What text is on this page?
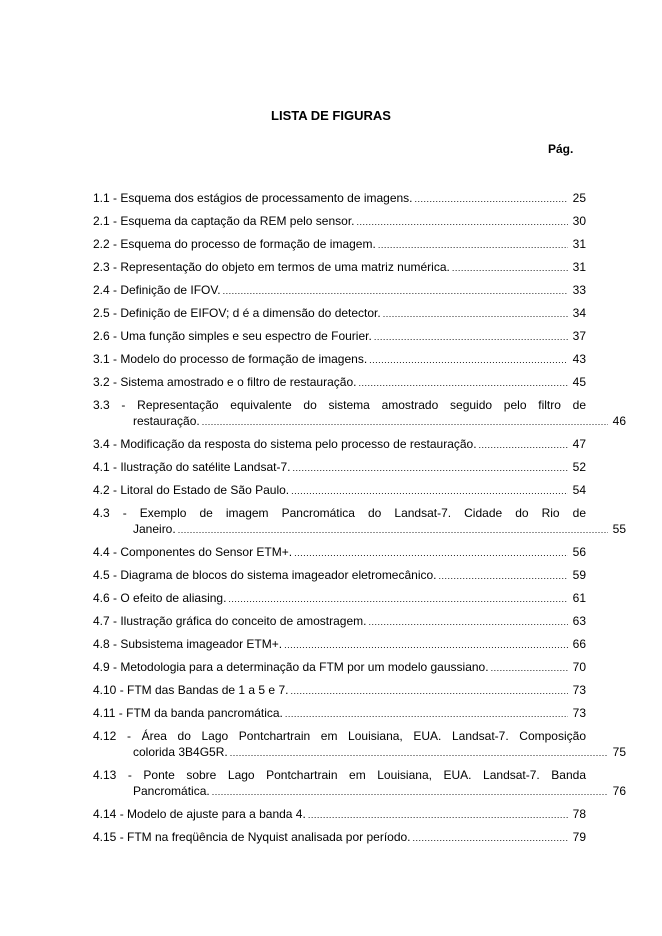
LISTA DE FIGURAS
Pág.
1.1 - Esquema dos estágios de processamento de imagens. .....	25
2.1 - Esquema da captação da REM pelo sensor. .....	30
2.2 - Esquema do processo de formação de imagem. .....	31
2.3 - Representação do objeto em termos de uma matriz numérica. .....	31
2.4 - Definição de IFOV. .....	33
2.5 - Definição de EIFOV; d é a dimensão do detector. .....	34
2.6 - Uma função simples e seu espectro de Fourier. .....	37
3.1 - Modelo do processo de formação de imagens. .....	43
3.2 - Sistema amostrado e o filtro de restauração. .....	45
3.3 - Representação equivalente do sistema amostrado seguido pelo filtro de
restauração. .....	46
3.4 - Modificação da resposta do sistema pelo processo de restauração. .....	47
4.1 - Ilustração do satélite Landsat-7. .....	52
4.2 - Litoral do Estado de São Paulo. .....	54
4.3 - Exemplo de imagem Pancromática do Landsat-7. Cidade do Rio de
Janeiro. .....	55
4.4 - Componentes do Sensor ETM+. .....	56
4.5 - Diagrama de blocos do sistema imageador eletromecânico. .....	59
4.6 - O efeito de aliasing. .....	61
4.7 - Ilustração gráfica do conceito de amostragem. .....	63
4.8 - Subsistema imageador ETM+. .....	66
4.9 - Metodologia para a determinação da FTM por um modelo gaussiano. .....	70
4.10 - FTM das Bandas de 1 a 5 e 7. .....	73
4.11 - FTM da banda pancromática. .....	73
4.12 - Área do Lago Pontchartrain em Louisiana, EUA. Landsat-7. Composição
colorida 3B4G5R. .....	75
4.13 - Ponte sobre Lago Pontchartrain em Louisiana, EUA. Landsat-7. Banda
Pancromática. .....	76
4.14 - Modelo de ajuste para a banda 4. .....	78
4.15 - FTM na freqüência de Nyquist analisada por período. .....	79
